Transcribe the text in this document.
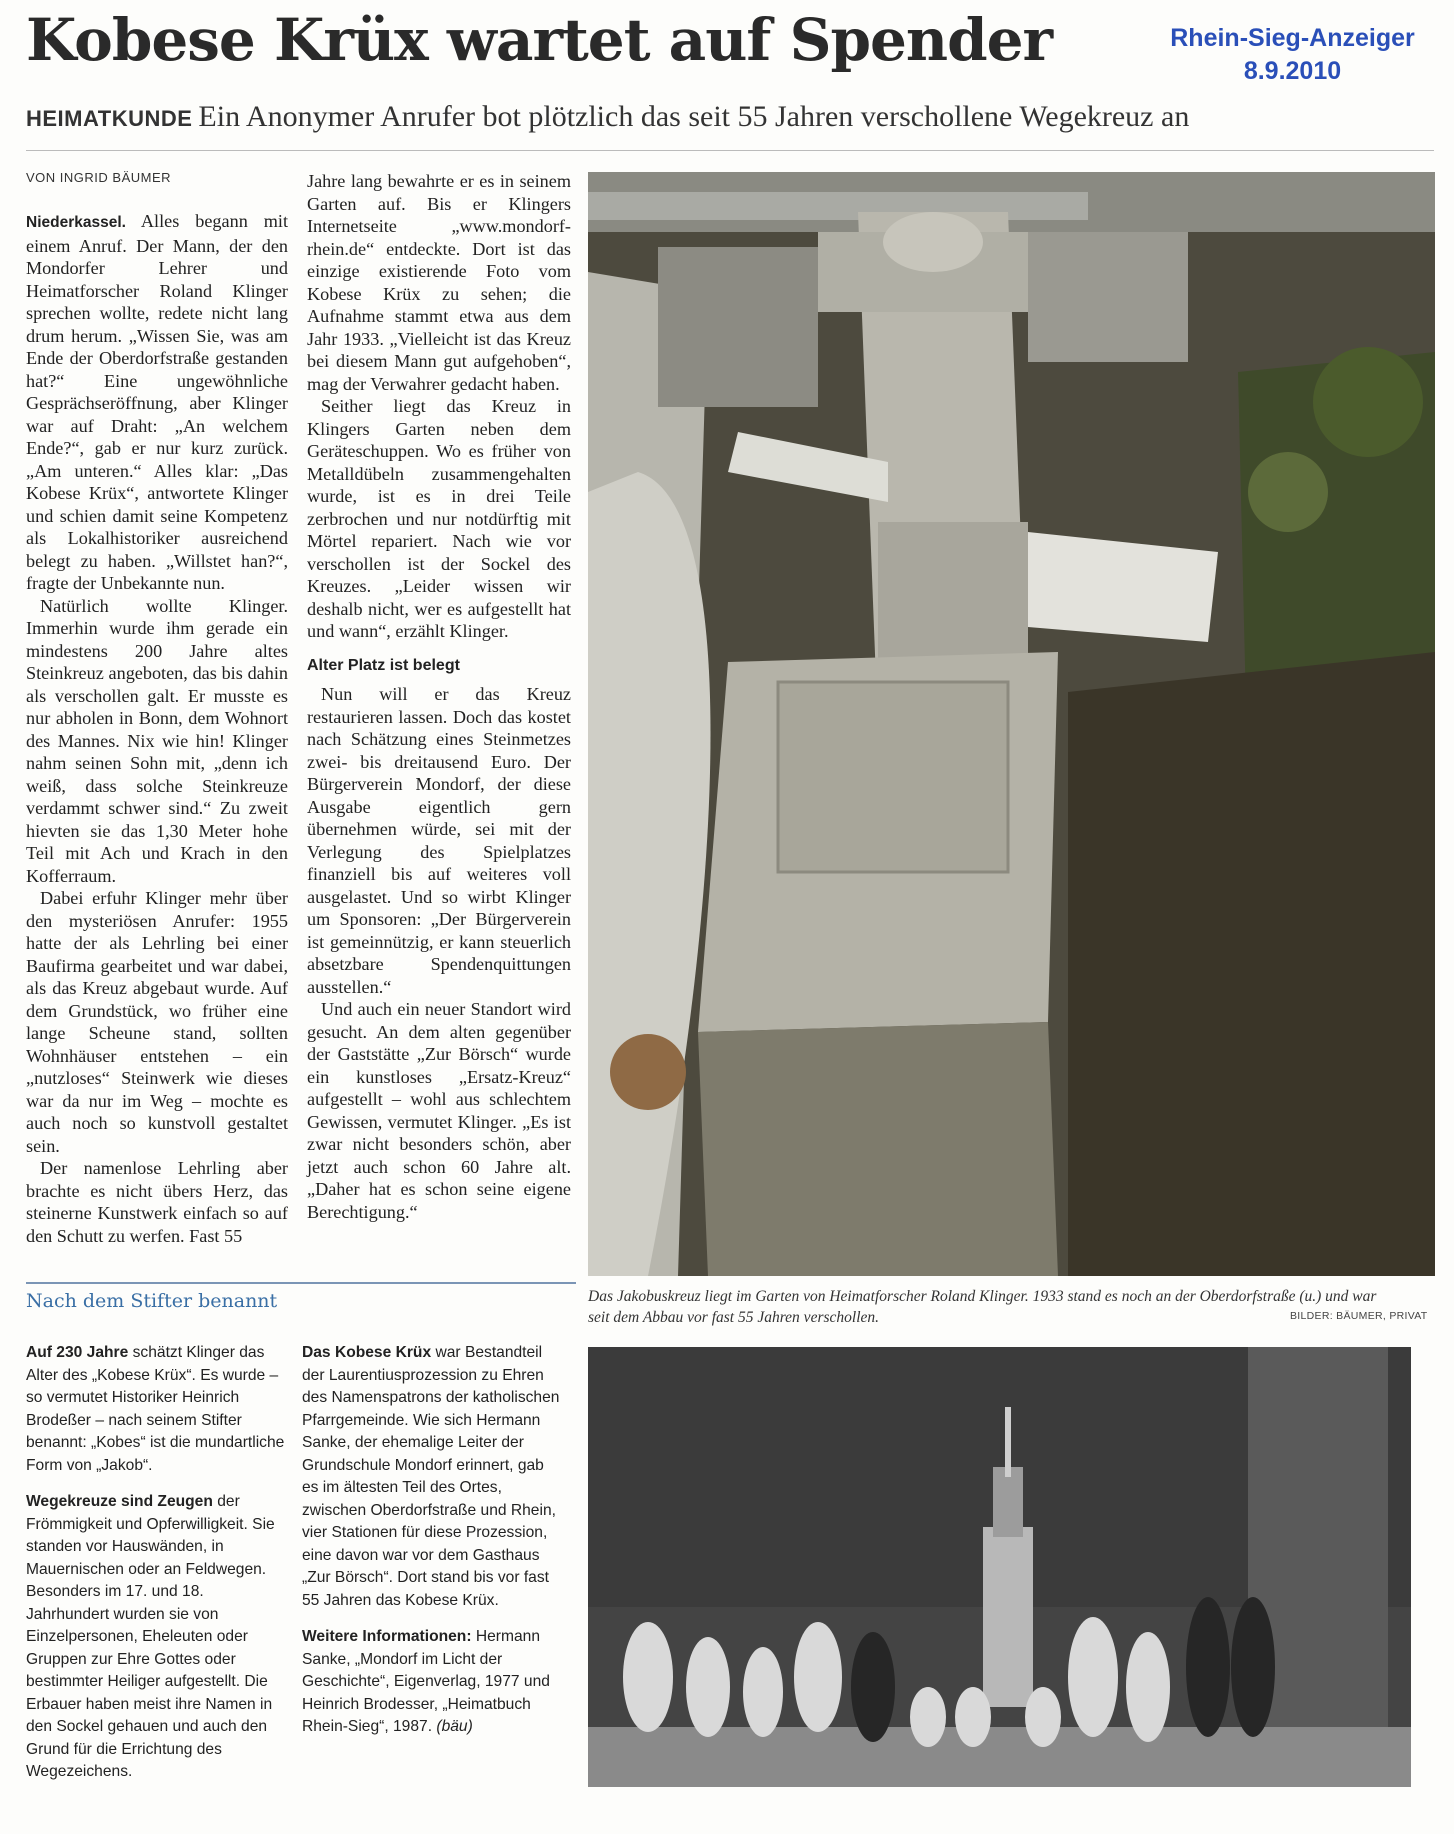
Kobese Krüx wartet auf Spender	Rhein-Sieg-Anzeiger
8.9.2010
HEIMATKUNDE Ein Anonymer Anrufer bot plötzlich das seit 55 Jahren verschollene Wegekreuz an
VON INGRID BÄUMER

Niederkassel. Alles begann mit einem Anruf. Der Mann, der den Mondorfer Lehrer und Heimatforscher Roland Klinger sprechen wollte, redete nicht lang drum herum. „Wissen Sie, was am Ende der Oberdorfstraße gestanden hat?“ Eine ungewöhnliche Gesprächseröffnung, aber Klinger war auf Draht: „An welchem Ende?“, gab er nur kurz zurück. „Am unteren.“ Alles klar: „Das Kobese Krüx“, antwortete Klinger und schien damit seine Kompetenz als Lokalhistoriker ausreichend belegt zu haben. „Willstet han?“, fragte der Unbekannte nun.

Natürlich wollte Klinger. Immerhin wurde ihm gerade ein mindestens 200 Jahre altes Steinkreuz angeboten, das bis dahin als verschollen galt. Er musste es nur abholen in Bonn, dem Wohnort des Mannes. Nix wie hin! Klinger nahm seinen Sohn mit, „denn ich weiß, dass solche Steinkreuze verdammt schwer sind.“ Zu zweit hievten sie das 1,30 Meter hohe Teil mit Ach und Krach in den Kofferraum.

Dabei erfuhr Klinger mehr über den mysteriösen Anrufer: 1955 hatte der als Lehrling bei einer Baufirma gearbeitet und war dabei, als das Kreuz abgebaut wurde. Auf dem Grundstück, wo früher eine lange Scheune stand, sollten Wohnhäuser entstehen – ein „nutzloses“ Steinwerk wie dieses war da nur im Weg – mochte es auch noch so kunstvoll gestaltet sein.

Der namenlose Lehrling aber brachte es nicht übers Herz, das steinerne Kunstwerk einfach so auf den Schutt zu werfen. Fast 55

Jahre lang bewahrte er es in seinem Garten auf. Bis er Klingers Internetseite „www.mondorf-rhein.de“ entdeckte. Dort ist das einzige existierende Foto vom Kobese Krüx zu sehen; die Aufnahme stammt etwa aus dem Jahr 1933. „Vielleicht ist das Kreuz bei diesem Mann gut aufgehoben“, mag der Verwahrer gedacht haben.

Seither liegt das Kreuz in Klingers Garten neben dem Geräteschuppen. Wo es früher von Metalldübeln zusammengehalten wurde, ist es in drei Teile zerbrochen und nur notdürftig mit Mörtel repariert. Nach wie vor verschollen ist der Sockel des Kreuzes. „Leider wissen wir deshalb nicht, wer es aufgestellt hat und wann“, erzählt Klinger.

Alter Platz ist belegt

Nun will er das Kreuz restaurieren lassen. Doch das kostet nach Schätzung eines Steinmetzes zwei- bis dreitausend Euro. Der Bürgerverein Mondorf, der diese Ausgabe eigentlich gern übernehmen würde, sei mit der Verlegung des Spielplatzes finanziell bis auf weiteres voll ausgelastet. Und so wirbt Klinger um Sponsoren: „Der Bürgerverein ist gemeinnützig, er kann steuerlich absetzbare Spendenquittungen ausstellen.“

Und auch ein neuer Standort wird gesucht. An dem alten gegenüber der Gaststätte „Zur Börsch“ wurde ein kunstloses „Ersatz-Kreuz“ aufgestellt – wohl aus schlechtem Gewissen, vermutet Klinger. „Es ist zwar nicht besonders schön, aber jetzt auch schon 60 Jahre alt. „Daher hat es schon seine eigene Berechtigung.“

Das Jakobuskreuz liegt im Garten von Heimatforscher Roland Klinger. 1933 stand es noch an der Oberdorfstraße (u.) und war seit dem Abbau vor fast 55 Jahren verschollen.	BILDER: BÄUMER, PRIVAT
Nach dem Stifter benannt

Auf 230 Jahre schätzt Klinger das Alter des „Kobese Krüx“. Es wurde – so vermutet Historiker Heinrich Brodeßer – nach seinem Stifter benannt: „Kobes“ ist die mundartliche Form von „Jakob“.

Wegekreuze sind Zeugen der Frömmigkeit und Opferwilligkeit. Sie standen vor Hauswänden, in Mauernischen oder an Feldwegen. Besonders im 17. und 18. Jahrhundert wurden sie von Einzelpersonen, Eheleuten oder Gruppen zur Ehre Gottes oder bestimmter Heiliger aufgestellt. Die Erbauer haben meist ihre Namen in den Sockel gehauen und auch den Grund für die Errichtung des Wegezeichens.

Das Kobese Krüx war Bestandteil der Laurentiusprozession zu Ehren des Namenspatrons der katholischen Pfarrgemeinde. Wie sich Hermann Sanke, der ehemalige Leiter der Grundschule Mondorf erinnert, gab es im ältesten Teil des Ortes, zwischen Oberdorfstraße und Rhein, vier Stationen für diese Prozession, eine davon war vor dem Gasthaus „Zur Börsch“. Dort stand bis vor fast 55 Jahren das Kobese Krüx.

Weitere Informationen: Hermann Sanke, „Mondorf im Licht der Geschichte“, Eigenverlag, 1977 und Heinrich Brodesser, „Heimatbuch Rhein-Sieg“, 1987. (bäu)
